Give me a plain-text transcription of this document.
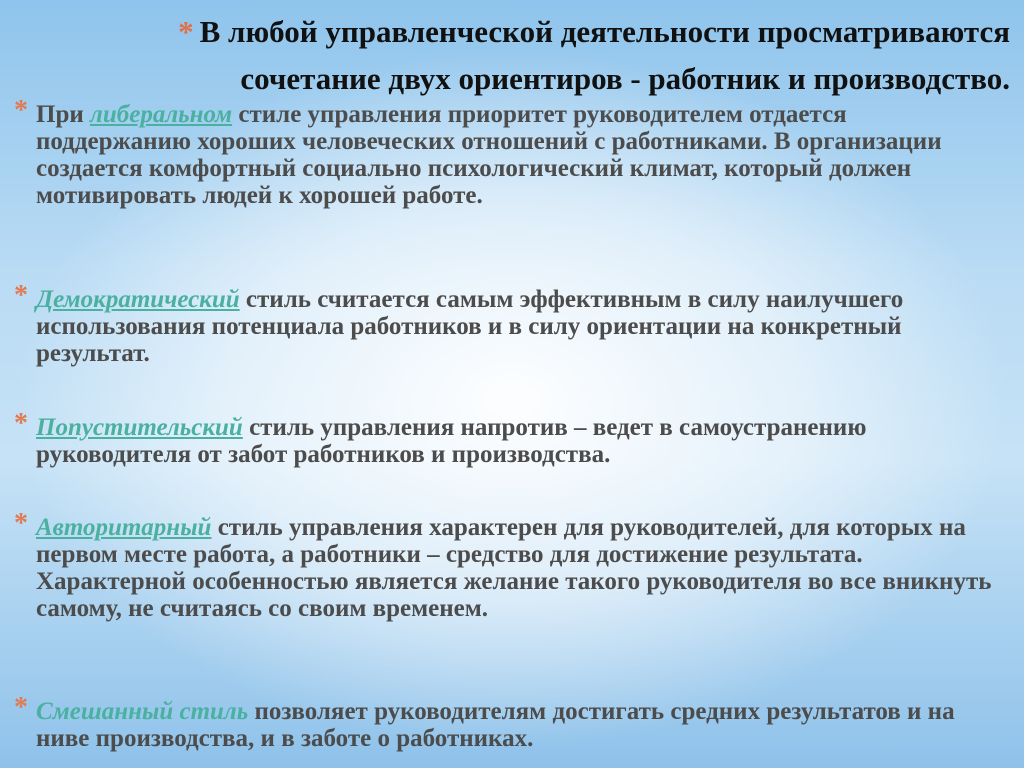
* В любой управленческой деятельности просматриваются сочетание двух ориентиров - работник и производство.

* При либеральном стиле управления приоритет руководителем отдается поддержанию хороших человеческих отношений с работниками. В организации создается комфортный социально психологический климат, который должен мотивировать людей к хорошей работе.

* Демократический стиль считается самым эффективным в силу наилучшего использования потенциала работников и в силу ориентации на конкретный результат.

* Попустительский стиль управления напротив – ведет в самоустранению руководителя от забот работников и производства.

* Авторитарный стиль управления характерен для руководителей, для которых на первом месте работа, а работники – средство для достижение результата. Характерной особенностью является желание такого руководителя во все вникнуть самому, не считаясь со своим временем.

* Смешанный стиль позволяет руководителям достигать средних результатов и на ниве производства, и в заботе о работниках.
